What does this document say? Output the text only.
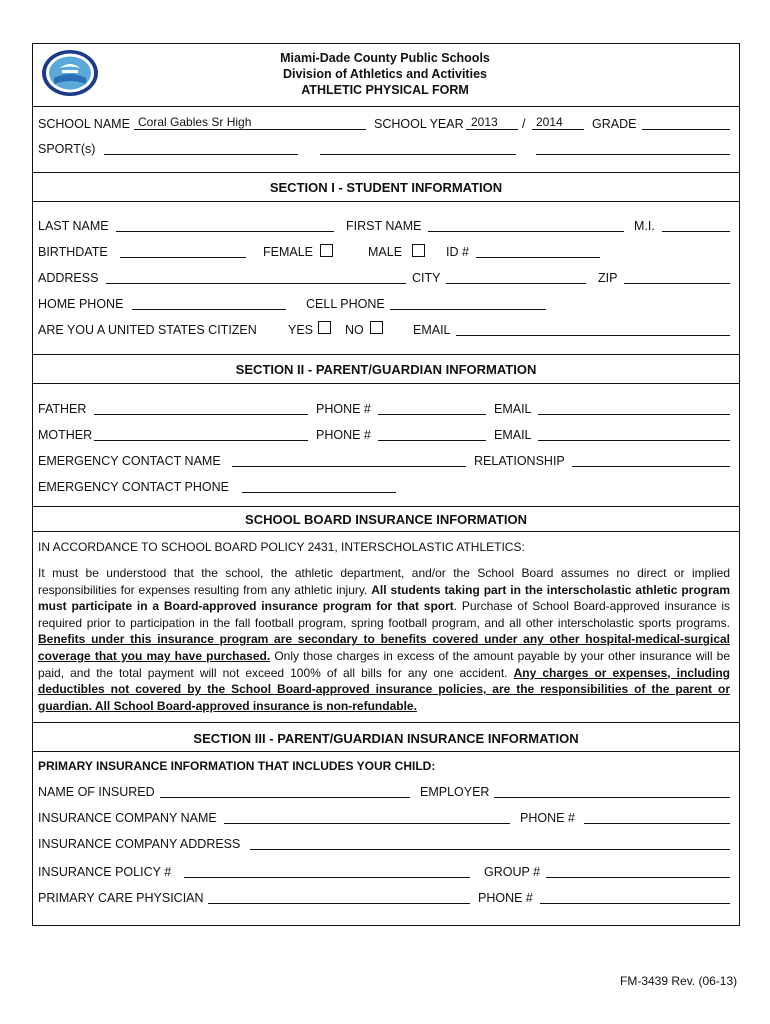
Miami-Dade County Public Schools
Division of Athletics and Activities
ATHLETIC PHYSICAL FORM
SCHOOL NAME Coral Gables Sr High	SCHOOL YEAR 2013 / 2014 GRADE
SPORT(s)
SECTION I - STUDENT INFORMATION
LAST NAME	FIRST NAME	M.I.
BIRTHDATE	FEMALE	MALE	ID #
ADDRESS	CITY	ZIP
HOME PHONE	CELL PHONE
ARE YOU A UNITED STATES CITIZEN YES	NO	EMAIL
SECTION II - PARENT/GUARDIAN INFORMATION
FATHER	PHONE #	EMAIL
MOTHER	PHONE #	EMAIL
EMERGENCY CONTACT NAME	RELATIONSHIP
EMERGENCY CONTACT PHONE
SCHOOL BOARD INSURANCE INFORMATION
IN ACCORDANCE TO SCHOOL BOARD POLICY 2431, INTERSCHOLASTIC ATHLETICS:
It must be understood that the school, the athletic department, and/or the School Board assumes no direct or implied responsibilities for expenses resulting from any athletic injury. All students taking part in the interscholastic athletic program must participate in a Board-approved insurance program for that sport. Purchase of School Board-approved insurance is required prior to participation in the fall football program, spring football program, and all other interscholastic sports programs. Benefits under this insurance program are secondary to benefits covered under any other hospital-medical-surgical coverage that you may have purchased. Only those charges in excess of the amount payable by your other insurance will be paid, and the total payment will not exceed 100% of all bills for any one accident. Any charges or expenses, including deductibles not covered by the School Board-approved insurance policies, are the responsibilities of the parent or guardian. All School Board-approved insurance is non-refundable.
SECTION III - PARENT/GUARDIAN INSURANCE INFORMATION
PRIMARY INSURANCE INFORMATION THAT INCLUDES YOUR CHILD:
NAME OF INSURED	EMPLOYER
INSURANCE COMPANY NAME	PHONE #
INSURANCE COMPANY ADDRESS
INSURANCE POLICY #	GROUP #
PRIMARY CARE PHYSICIAN	PHONE #
FM-3439 Rev. (06-13)
